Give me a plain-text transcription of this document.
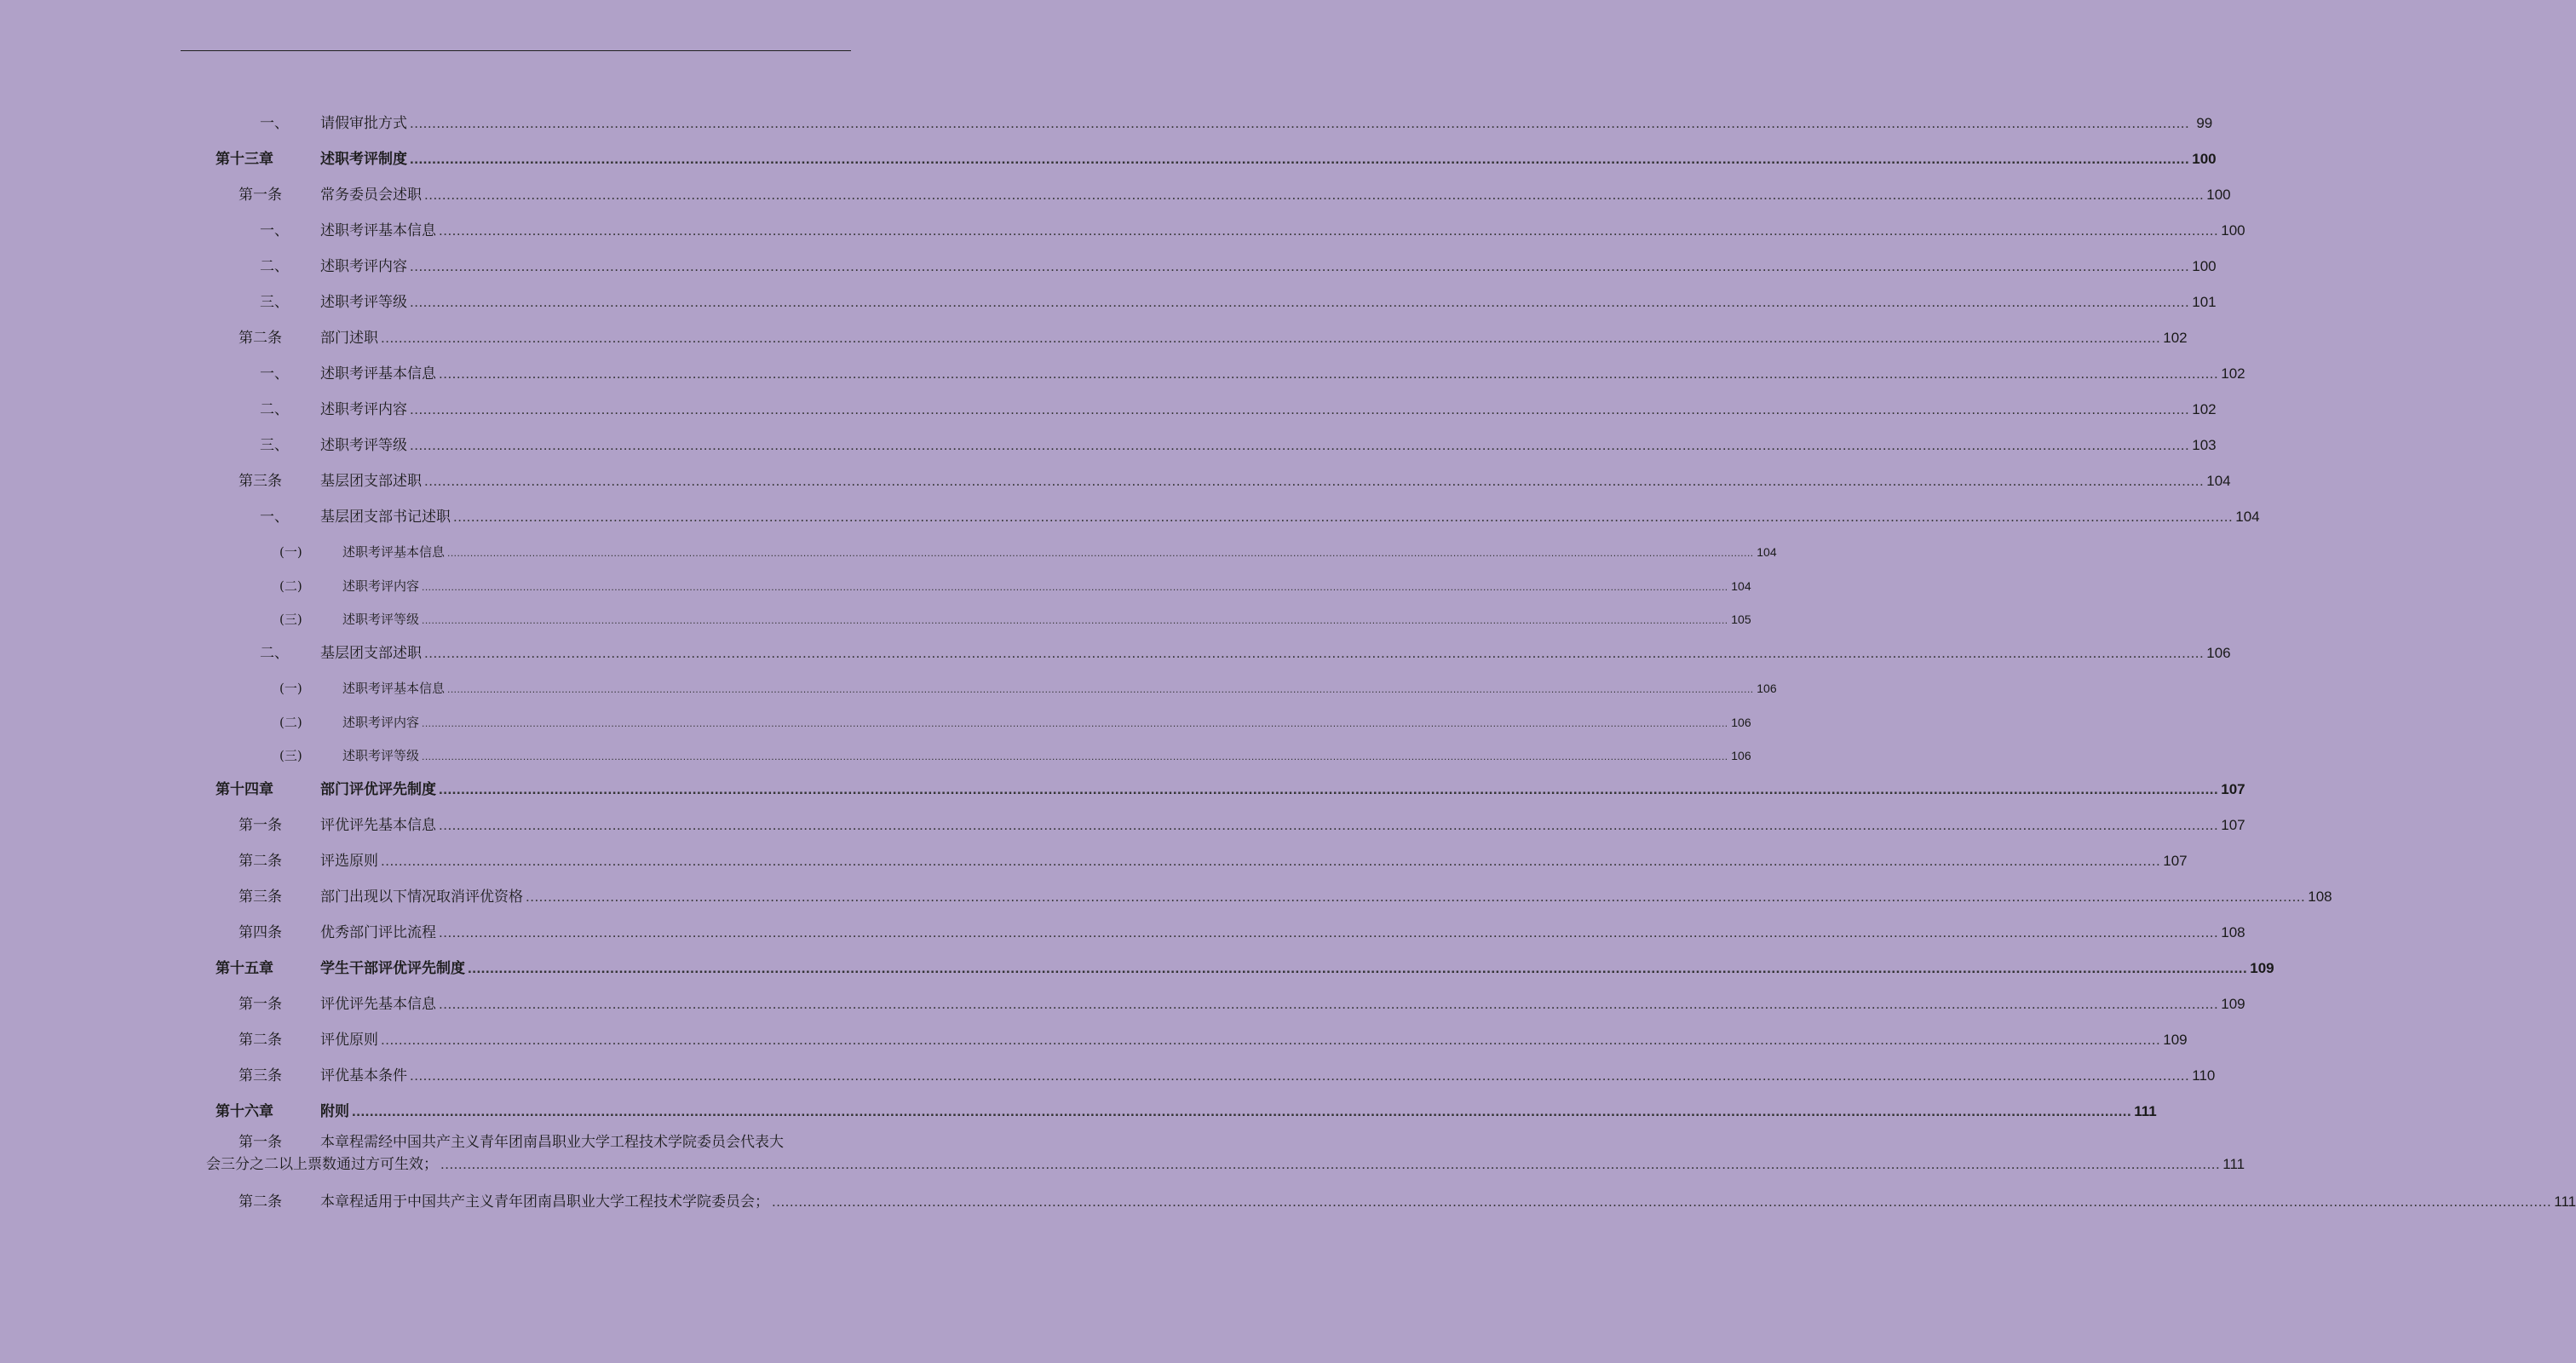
一、 请假审批方式 ................................................................................................................................................................................................................................................................................................................................................................................................................ 99
第十三章	述职考评制度 ................................................................................................................................................................................................................................................................................................................................................................................................................ 100
第一条	常务委员会述职 ................................................................................................................................................................................................................................................................................................................................................................................................................ 100
一、 述职考评基本信息 ................................................................................................................................................................................................................................................................................................................................................................................................................ 100
二、 述职考评内容 ................................................................................................................................................................................................................................................................................................................................................................................................................ 100
三、 述职考评等级 ................................................................................................................................................................................................................................................................................................................................................................................................................ 101
第二条	部门述职 ................................................................................................................................................................................................................................................................................................................................................................................................................ 102
一、 述职考评基本信息 ................................................................................................................................................................................................................................................................................................................................................................................................................ 102
二、 述职考评内容 ................................................................................................................................................................................................................................................................................................................................................................................................................ 102
三、 述职考评等级 ................................................................................................................................................................................................................................................................................................................................................................................................................ 103
第三条	基层团支部述职 ................................................................................................................................................................................................................................................................................................................................................................................................................ 104
一、 基层团支部书记述职 ................................................................................................................................................................................................................................................................................................................................................................................................................ 104
(一)	述职考评基本信息 ................................................................................................................................................................................................................................................................................................................................................................................................................ 104
(二)	述职考评内容 ................................................................................................................................................................................................................................................................................................................................................................................................................ 104
(三)	述职考评等级 ................................................................................................................................................................................................................................................................................................................................................................................................................ 105
二、 基层团支部述职 ................................................................................................................................................................................................................................................................................................................................................................................................................ 106
(一)	述职考评基本信息 ................................................................................................................................................................................................................................................................................................................................................................................................................ 106
(二)	述职考评内容 ................................................................................................................................................................................................................................................................................................................................................................................................................ 106
(三)	述职考评等级 ................................................................................................................................................................................................................................................................................................................................................................................................................ 106
第十四章	部门评优评先制度 ................................................................................................................................................................................................................................................................................................................................................................................................................ 107
第一条	评优评先基本信息 ................................................................................................................................................................................................................................................................................................................................................................................................................ 107
第二条	评选原则 ................................................................................................................................................................................................................................................................................................................................................................................................................ 107
第三条	部门出现以下情况取消评优资格 ................................................................................................................................................................................................................................................................................................................................................................................................................ 108
第四条	优秀部门评比流程 ................................................................................................................................................................................................................................................................................................................................................................................................................ 108
第十五章	学生干部评优评先制度 ................................................................................................................................................................................................................................................................................................................................................................................................................ 109
第一条	评优评先基本信息 ................................................................................................................................................................................................................................................................................................................................................................................................................ 109
第二条	评优原则 ................................................................................................................................................................................................................................................................................................................................................................................................................ 109
第三条	评优基本条件 ................................................................................................................................................................................................................................................................................................................................................................................................................ 110
第十六章	附则 ................................................................................................................................................................................................................................................................................................................................................................................................................ 111
第一条	本章程需经中国共产主义青年团南昌职业大学工程技术学院委员会代表大
会三分之二以上票数通过方可生效； ................................................................................................................................................................................................................................................................................................................................................................................................................ 111
第二条	本章程适用于中国共产主义青年团南昌职业大学工程技术学院委员会； ................................................................................................................................................................................................................................................................................................................................................................................................................ 111
